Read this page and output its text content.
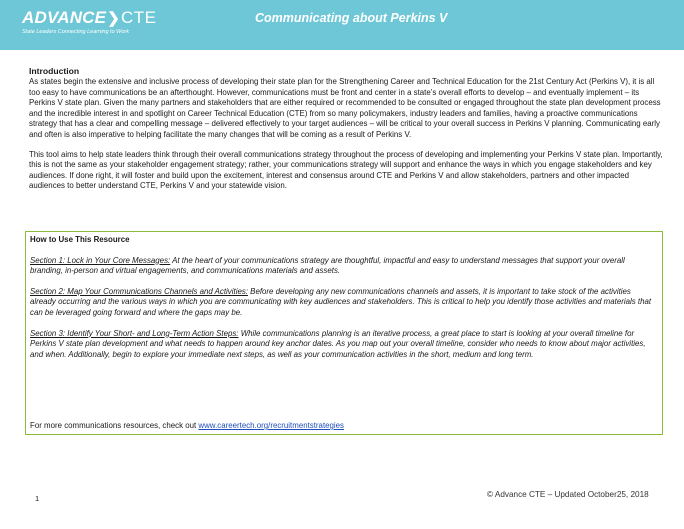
ADVANCE❯CTE
State Leaders Connecting Learning to Work
Communicating about Perkins V
Introduction

As states begin the extensive and inclusive process of developing their state plan for the Strengthening Career and Technical Education for the 21st Century Act (Perkins V), it is all too easy to have communications be an afterthought. However, communications must be front and center in a state’s overall efforts to develop – and eventually implement – its Perkins V state plan. Given the many partners and stakeholders that are either required or recommended to be consulted or engaged throughout the state plan development process and the incredible interest in and spotlight on Career Technical Education (CTE) from so many policymakers, industry leaders and families, having a proactive communications strategy that has a clear and compelling message – delivered effectively to your target audiences – will be critical to your overall success in Perkins V planning. Communicating early and often is also imperative to helping facilitate the many changes that will be coming as a result of Perkins V.

This tool aims to help state leaders think through their overall communications strategy throughout the process of developing and implementing your Perkins V state plan. Importantly, this is not the same as your stakeholder engagement strategy; rather, your communications strategy will support and enhance the ways in which you engage stakeholders and key audiences. If done right, it will foster and build upon the excitement, interest and consensus around CTE and Perkins V and allow stakeholders, partners and other impacted audiences to better understand CTE, Perkins V and your statewide vision.

How to Use This Resource
Section 1: Lock in Your Core Messages: At the heart of your communications strategy are thoughtful, impactful and easy to understand messages that support your overall branding, in-person and virtual engagements, and communications materials and assets.
Section 2: Map Your Communications Channels and Activities: Before developing any new communications channels and assets, it is important to take stock of the activities already occurring and the various ways in which you are communicating with key audiences and stakeholders. This is critical to help you identify those activities and materials that can be leveraged going forward and where the gaps may be.
Section 3: Identify Your Short- and Long-Term Action Steps: While communications planning is an iterative process, a great place to start is looking at your overall timeline for Perkins V state plan development and what needs to happen around key anchor dates. As you map out your overall timeline, consider who needs to know about major activities, and when. Additionally, begin to explore your immediate next steps, as well as your communication activities in the short, medium and long term.
For more communications resources, check out www.careertech.org/recruitmentstrategies
1	© Advance CTE – Updated October25, 2018
